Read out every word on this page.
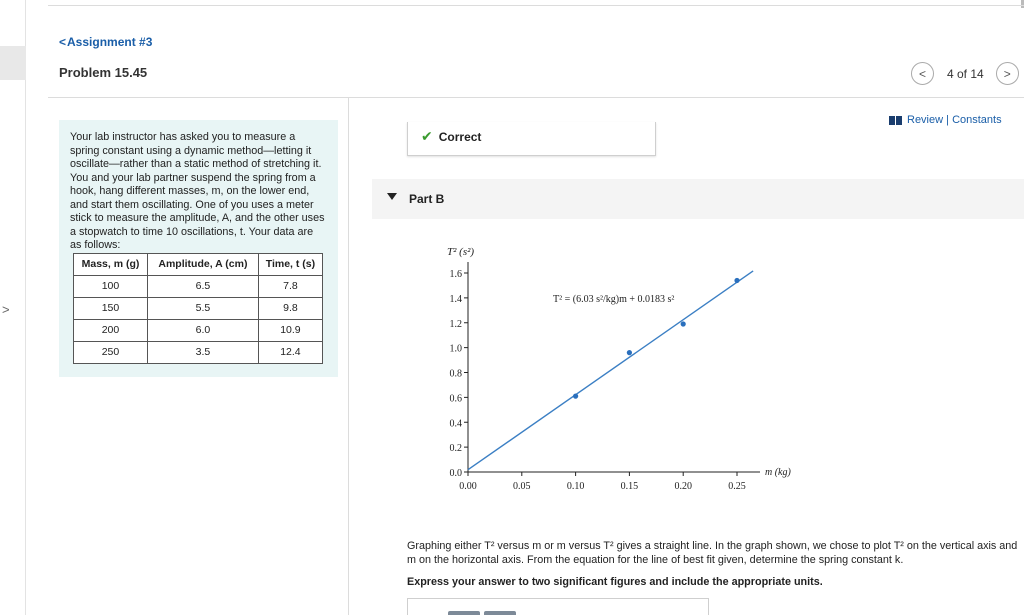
>
<Assignment #3
Problem 15.45	<	4 of 14	>

Your lab instructor has asked you to measure a spring constant using a dynamic method—letting it oscillate—rather than a static method of stretching it. You and your lab partner suspend the spring from a hook, hang different masses, m, on the lower end, and start them oscillating. One of you uses a meter stick to measure the amplitude, A, and the other uses a stopwatch to time 10 oscillations, t. Your data are as follows:

Mass, m (g)	Amplitude, A (cm)	Time, t (s)
100	6.5	7.8
150	5.5	9.8
200	6.0	10.9
250	3.5	12.4
Review | Constants
✔ Correct
Part B
0.0
0.2
0.4
0.6
0.8
1.0
1.2
1.4
1.6
0.00	0.05	0.10	0.15	0.20	0.25
T² (s²)
m (kg)
T² = (6.03 s²/kg)m + 0.0183 s²
Graphing either T² versus m or m versus T² gives a straight line. In the graph shown, we chose to plot T² on the vertical axis and m on the horizontal axis. From the equation for the line of best fit given, determine the spring constant k.
Express your answer to two significant figures and include the appropriate units.
